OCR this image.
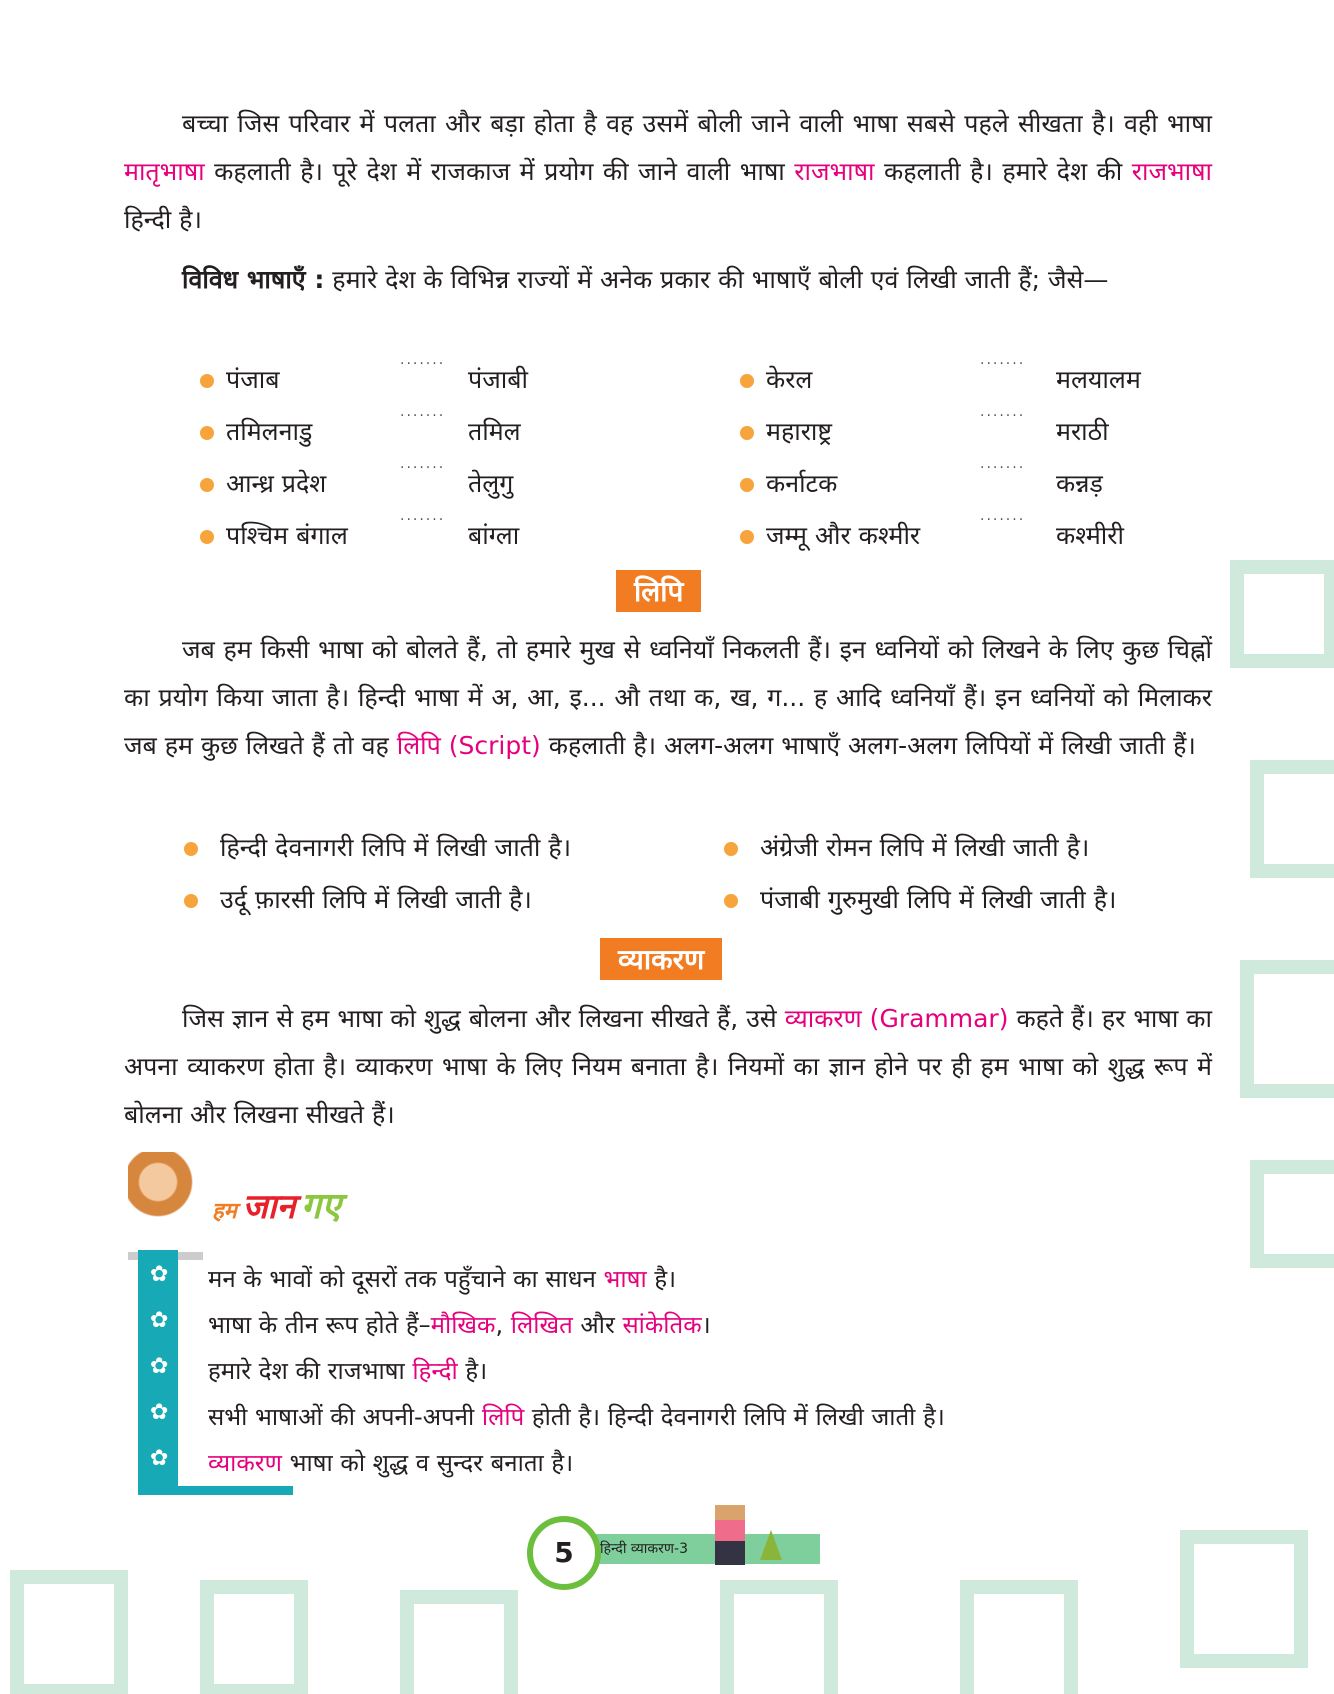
बच्चा जिस परिवार में पलता और बड़ा होता है वह उसमें बोली जाने वाली भाषा सबसे पहले सीखता है। वही भाषा मातृभाषा कहलाती है। पूरे देश में राजकाज में प्रयोग की जाने वाली भाषा राजभाषा कहलाती है। हमारे देश की राजभाषा हिन्दी है।
विविध भाषाएँ : हमारे देश के विभिन्न राज्यों में अनेक प्रकार की भाषाएँ बोली एवं लिखी जाती हैं; जैसे—
पंजाब
·······
पंजाबी
तमिलनाडु
·······
तमिल
आन्ध्र प्रदेश
·······
तेलुगु
पश्चिम बंगाल
·······
बांग्ला
केरल
·······
मलयालम
महाराष्ट्र
·······
मराठी
कर्नाटक
·······
कन्नड़
जम्मू और कश्मीर
·······
कश्मीरी
लिपि
जब हम किसी भाषा को बोलते हैं, तो हमारे मुख से ध्वनियाँ निकलती हैं। इन ध्वनियों को लिखने के लिए कुछ चिह्नों का प्रयोग किया जाता है। हिन्दी भाषा में अ, आ, इ... औ तथा क, ख, ग... ह आदि ध्वनियाँ हैं। इन ध्वनियों को मिलाकर जब हम कुछ लिखते हैं तो वह लिपि (Script) कहलाती है। अलग-अलग भाषाएँ अलग-अलग लिपियों में लिखी जाती हैं।
हिन्दी देवनागरी लिपि में लिखी जाती है।
उर्दू फ़ारसी लिपि में लिखी जाती है।
अंग्रेजी रोमन लिपि में लिखी जाती है।
पंजाबी गुरुमुखी लिपि में लिखी जाती है।
व्याकरण
जिस ज्ञान से हम भाषा को शुद्ध बोलना और लिखना सीखते हैं, उसे व्याकरण (Grammar) कहते हैं। हर भाषा का अपना व्याकरण होता है। व्याकरण भाषा के लिए नियम बनाता है। नियमों का ज्ञान होने पर ही हम भाषा को शुद्ध रूप में बोलना और लिखना सीखते हैं।
हम जान गए
✿ मन के भावों को दूसरों तक पहुँचाने का साधन भाषा है।
✿ भाषा के तीन रूप होते हैं–मौखिक, लिखित और सांकेतिक।
✿ हमारे देश की राजभाषा हिन्दी है।
✿ सभी भाषाओं की अपनी-अपनी लिपि होती है। हिन्दी देवनागरी लिपि में लिखी जाती है।
✿ व्याकरण भाषा को शुद्ध व सुन्दर बनाता है।
5	हिन्दी व्याकरण-3
